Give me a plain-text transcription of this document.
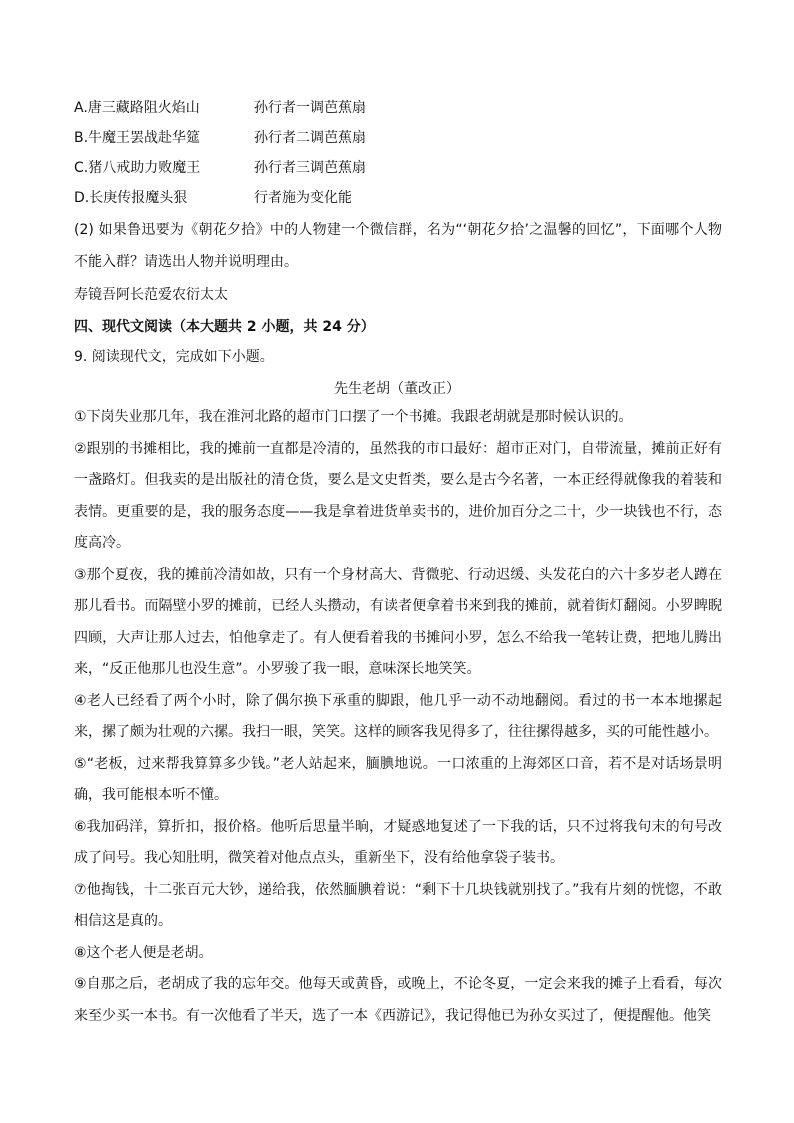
A.唐三藏路阻火焰山	孙行者一调芭蕉扇
B.牛魔王罢战赴华筵	孙行者二调芭蕉扇
C.猪八戒助力败魔王	孙行者三调芭蕉扇
D.长庚传报魔头狠	行者施为变化能
(2) 如果鲁迅要为《朝花夕拾》中的人物建一个微信群，名为“‘朝花夕拾’之温馨的回忆”，下面哪个人物不能入群？请选出人物并说明理由。
寿镜吾阿长范爱农衍太太
四、现代文阅读（本大题共 2 小题，共 24 分）
9. 阅读现代文，完成如下小题。
先生老胡（董改正）
①下岗失业那几年，我在淮河北路的超市门口摆了一个书摊。我跟老胡就是那时候认识的。
②跟别的书摊相比，我的摊前一直都是冷清的，虽然我的市口最好：超市正对门，自带流量，摊前正好有一盏路灯。但我卖的是出版社的清仓货，要么是文史哲类，要么是古今名著，一本正经得就像我的着装和表情。更重要的是，我的服务态度——我是拿着进货单卖书的，进价加百分之二十，少一块钱也不行，态度高冷。
③那个夏夜，我的摊前冷清如故，只有一个身材高大、背微驼、行动迟缓、头发花白的六十多岁老人蹲在那儿看书。而隔壁小罗的摊前，已经人头攒动，有读者便拿着书来到我的摊前，就着街灯翻阅。小罗睥睨四顾，大声让那人过去，怕他拿走了。有人便看着我的书摊问小罗，怎么不给我一笔转让费，把地儿腾出来，“反正他那儿也没生意”。小罗骏了我一眼，意味深长地笑笑。
④老人已经看了两个小时，除了偶尔换下承重的脚跟，他几乎一动不动地翻阅。看过的书一本本地摞起来，摞了颇为壮观的六摞。我扫一眼，笑笑。这样的顾客我见得多了，往往摞得越多，买的可能性越小。
⑤“老板，过来帮我算算多少钱。”老人站起来，腼腆地说。一口浓重的上海郊区口音，若不是对话场景明确，我可能根本听不懂。
⑥我加码洋，算折扣，报价格。他听后思量半晌，才疑惑地复述了一下我的话，只不过将我句末的句号改成了问号。我心知肚明，微笑着对他点点头，重新坐下，没有给他拿袋子装书。
⑦他掏钱，十二张百元大钞，递给我，依然腼腆着说：“剩下十几块钱就别找了。”我有片刻的恍惚，不敢相信这是真的。
⑧这个老人便是老胡。
⑨自那之后，老胡成了我的忘年交。他每天或黄昏，或晚上，不论冬夏，一定会来我的摊子上看看，每次来至少买一本书。有一次他看了半天，选了一本《西游记》，我记得他已为孙女买过了，便提醒他。他笑
